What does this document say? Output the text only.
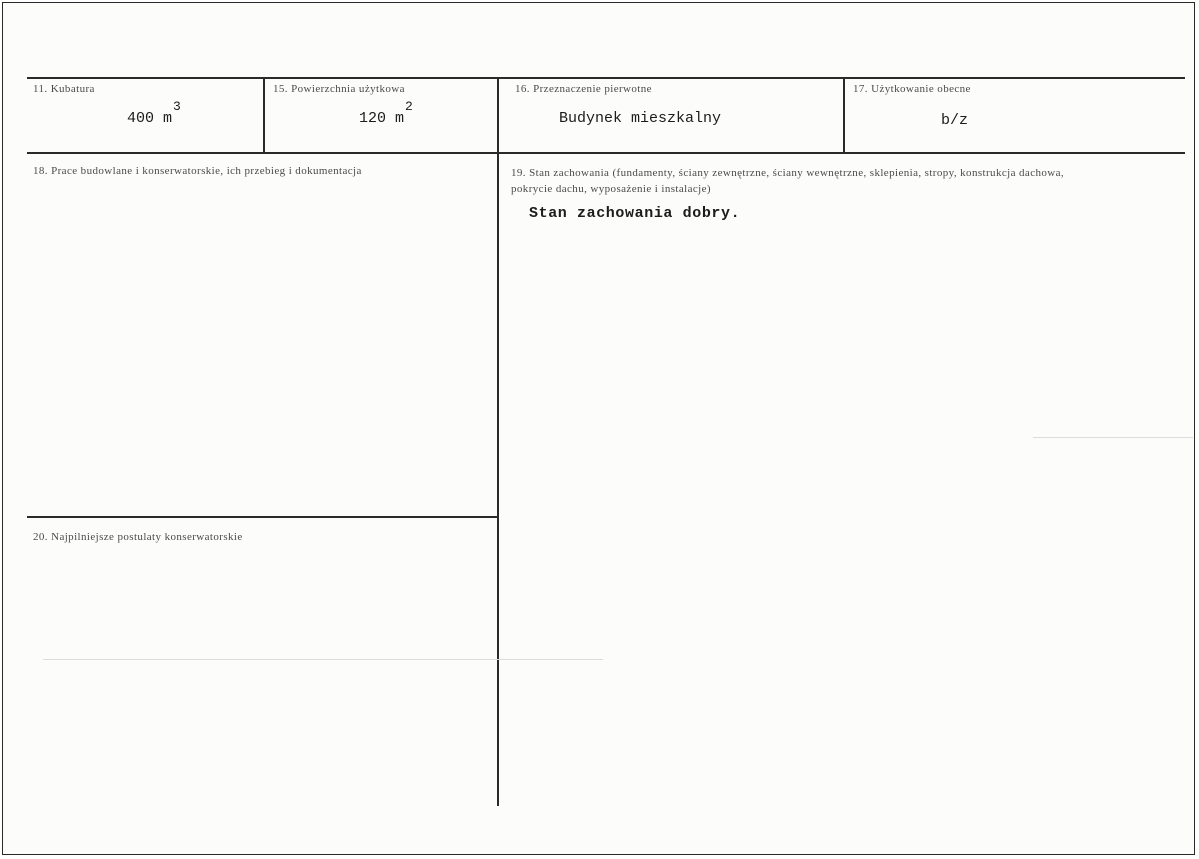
11. Kubatura
400 m3
15. Powierzchnia użytkowa
120 m2
16. Przeznaczenie pierwotne
Budynek mieszkalny
17. Użytkowanie obecne
b/z
18. Prace budowlane i konserwatorskie, ich przebieg i dokumentacja	19. Stan zachowania (fundamenty, ściany zewnętrzne, ściany wewnętrzne, sklepienia, stropy, konstrukcja dachowa, pokrycie dachu, wyposażenie i instalacje)
Stan zachowania dobry.
20. Najpilniejsze postulaty konserwatorskie
